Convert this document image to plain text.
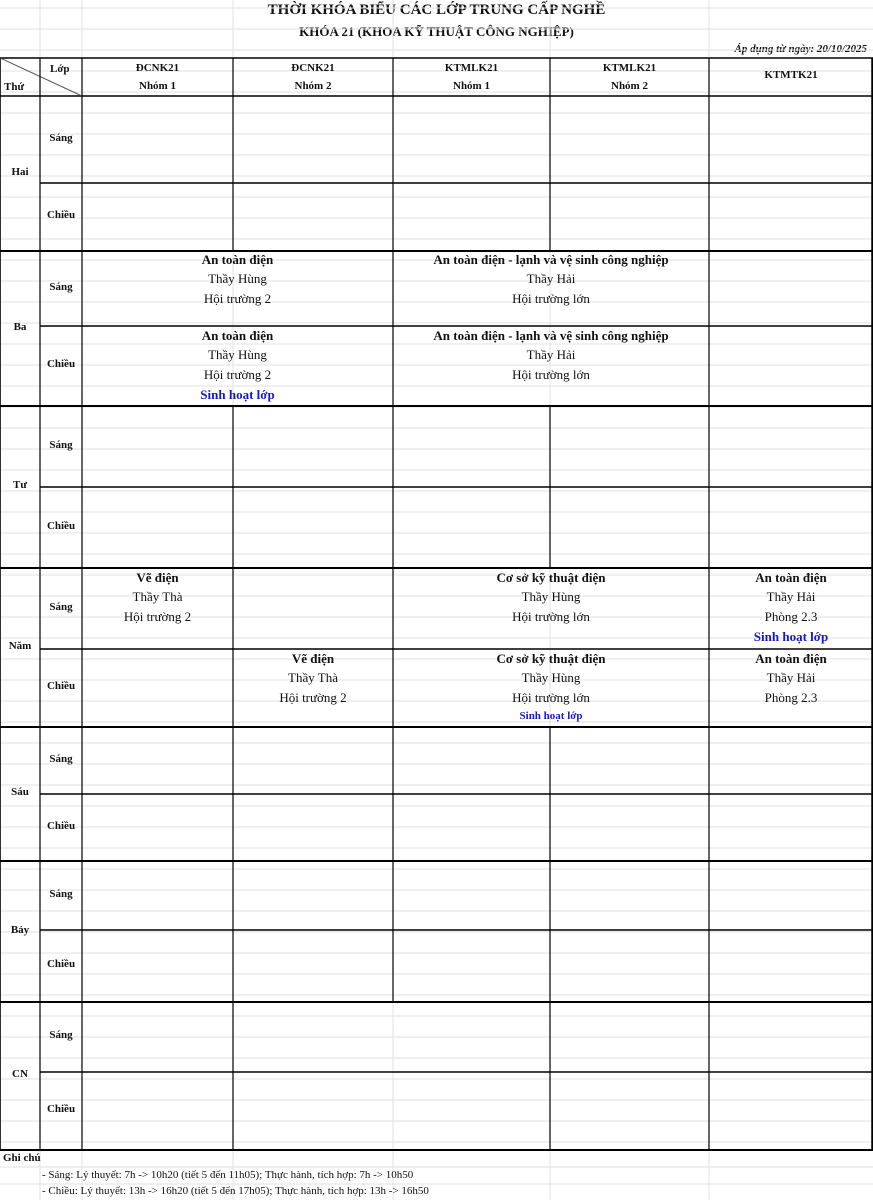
THỜI KHÓA BIỂU CÁC LỚP TRUNG CẤP NGHỀ
KHÓA 21 (KHOA KỸ THUẬT CÔNG NGHIỆP)
Áp dụng từ ngày: 20/10/2025
Lớp
Thứ
ĐCNK21
Nhóm 1
ĐCNK21
Nhóm 2
KTMLK21
Nhóm 1
KTMLK21
Nhóm 2
KTMTK21
Hai
Sáng
Chiều
Ba
Sáng
Chiều
Tư
Sáng
Chiều
Năm
Sáng
Chiều
Sáu
Sáng
Chiều
Bảy
Sáng
Chiều
CN
Sáng
Chiều
An toàn điện
Thầy Hùng
Hội trường 2
An toàn điện - lạnh và vệ sinh công nghiệp
Thầy Hải
Hội trường lớn
An toàn điện
Thầy Hùng
Hội trường 2
Sinh hoạt lớp
An toàn điện - lạnh và vệ sinh công nghiệp
Thầy Hải
Hội trường lớn
Vẽ điện
Thầy Thà
Hội trường 2
Cơ sở kỹ thuật điện
Thầy Hùng
Hội trường lớn
An toàn điện
Thầy Hải
Phòng 2.3
Sinh hoạt lớp
Vẽ điện
Thầy Thà
Hội trường 2
Cơ sở kỹ thuật điện
Thầy Hùng
Hội trường lớn
Sinh hoạt lớp
An toàn điện
Thầy Hải
Phòng 2.3
Ghi chú
- Sáng: Lý thuyết: 7h -> 10h20 (tiết 5 đến 11h05); Thực hành, tích hợp: 7h -> 10h50
- Chiều: Lý thuyết: 13h -> 16h20 (tiết 5 đến 17h05); Thực hành, tích hợp: 13h -> 16h50
